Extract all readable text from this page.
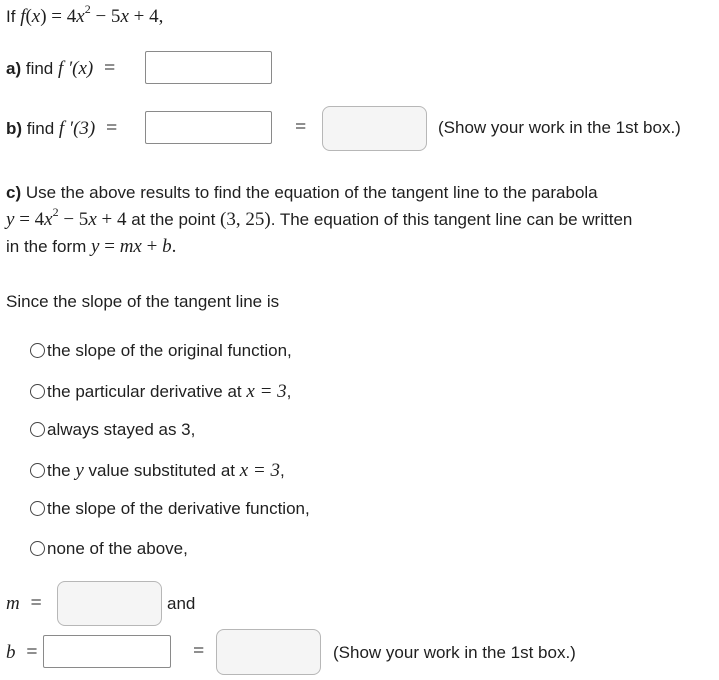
If $f(x) = 4x^2 - 5x + 4$,
a) find f ′(x) =
b) find f ′(3) =	=	(Show your work in the 1st box.)
c) Use the above results to find the equation of the tangent line to the parabola
$y = 4x^2 - 5x + 4$ at the point (3, 25). The equation of this tangent line can be written
in the form y = mx + b.
Since the slope of the tangent line is
the slope of the original function,
the particular derivative at x = 3,
always stayed as 3,
the y value substituted at x = 3,
the slope of the derivative function,
none of the above,
m =	and
b =	=	(Show your work in the 1st box.)
